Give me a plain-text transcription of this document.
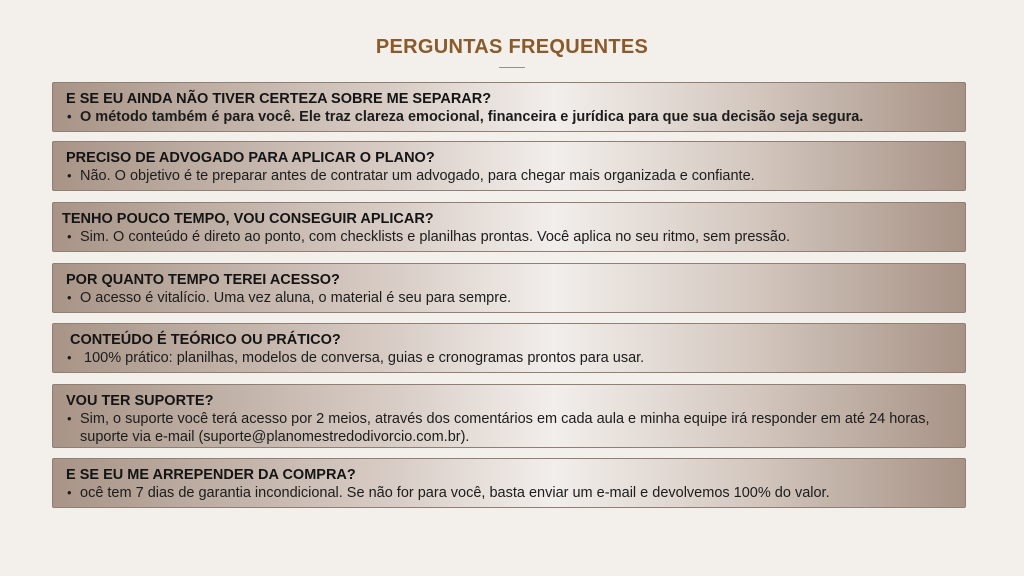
PERGUNTAS FREQUENTES

E SE EU AINDA NÃO TIVER CERTEZA SOBRE ME SEPARAR?

• O método também é para você. Ele traz clareza emocional, financeira e jurídica para que sua decisão seja segura.

PRECISO DE ADVOGADO PARA APLICAR O PLANO?

• Não. O objetivo é te preparar antes de contratar um advogado, para chegar mais organizada e confiante.

TENHO POUCO TEMPO, VOU CONSEGUIR APLICAR?

• Sim. O conteúdo é direto ao ponto, com checklists e planilhas prontas. Você aplica no seu ritmo, sem pressão.

POR QUANTO TEMPO TEREI ACESSO?

• O acesso é vitalício. Uma vez aluna, o material é seu para sempre.

CONTEÚDO É TEÓRICO OU PRÁTICO?

•  100% prático: planilhas, modelos de conversa, guias e cronogramas prontos para usar.

VOU TER SUPORTE?

• Sim, o suporte você terá acesso por 2 meios, através dos comentários em cada aula e minha equipe irá responder em até 24 horas, suporte via e-mail (suporte@planomestredodivorcio.com.br).

E SE EU ME ARREPENDER DA COMPRA?

• ocê tem 7 dias de garantia incondicional. Se não for para você, basta enviar um e-mail e devolvemos 100% do valor.
